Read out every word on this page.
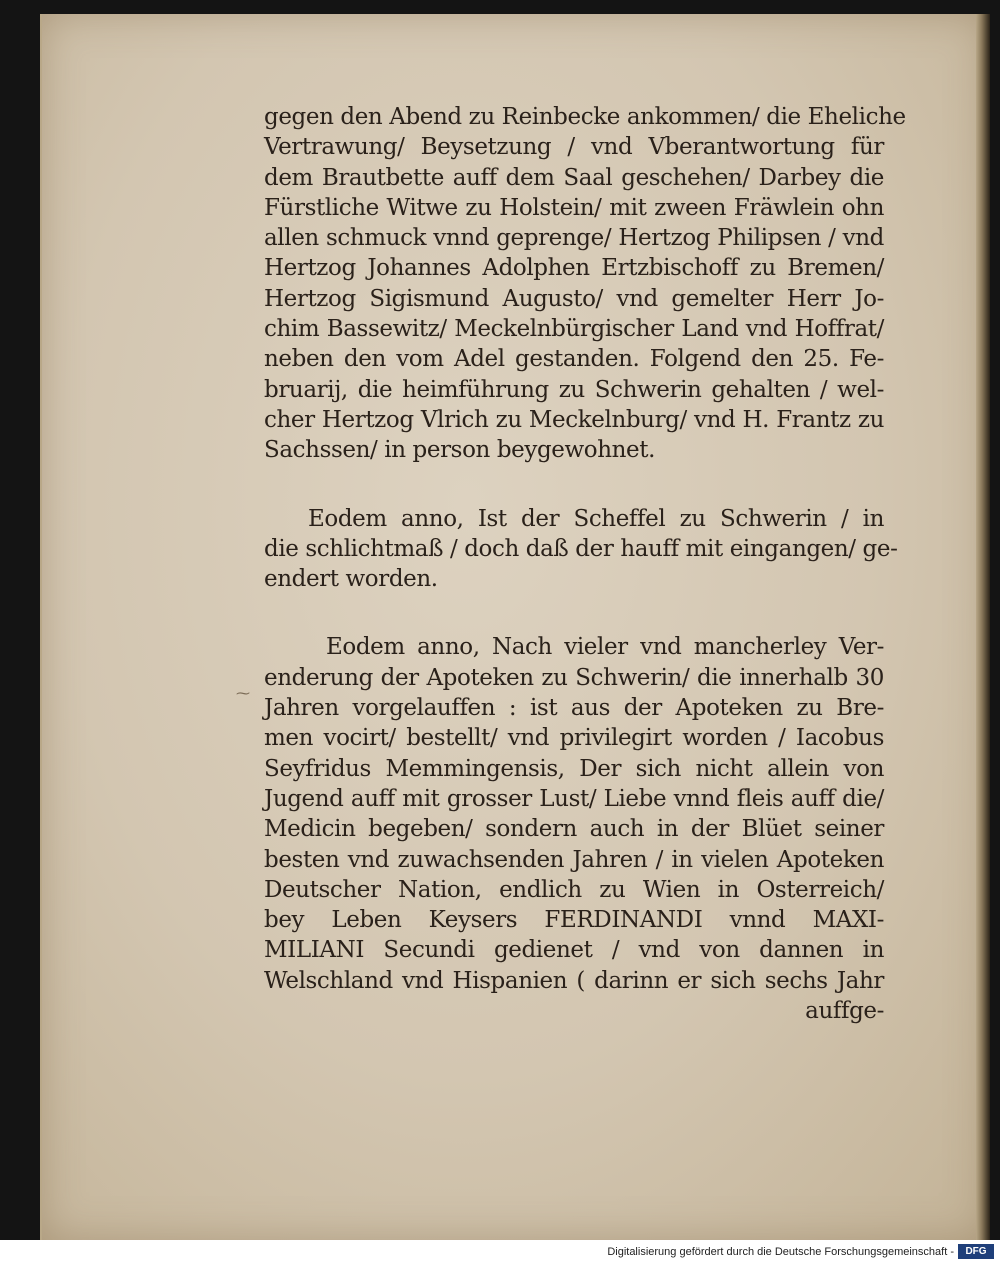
⁓
gegen den Abend zu Reinbecke ankommen/ die Eheliche
Vertrawung/ Beysetzung / vnd Vberantwortung für
dem Brautbette auff dem Saal geschehen/ Darbey die
Fürstliche Witwe zu Holstein/ mit zween Fräwlein ohn
allen schmuck vnnd geprenge/ Hertzog Philipsen / vnd
Hertzog Johannes Adolphen Ertzbischoff zu Bremen/
Hertzog Sigismund Augusto/ vnd gemelter Herr Jo-
chim Bassewitz/ Meckelnbürgischer Land vnd Hoffrat/
neben den vom Adel gestanden. Folgend den 25. Fe-
bruarij, die heimführung zu Schwerin gehalten / wel-
cher Hertzog Vlrich zu Meckelnburg/ vnd H. Frantz zu
Sachssen/ in person beygewohnet.
Eodem anno, Ist der Scheffel zu Schwerin / in
die schlichtmaß / doch daß der hauff mit eingangen/ ge-
endert worden.
Eodem anno, Nach vieler vnd mancherley Ver-
enderung der Apoteken zu Schwerin/ die innerhalb 30
Jahren vorgelauffen : ist aus der Apoteken zu Bre-
men vocirt/ bestellt/ vnd privilegirt worden / Iacobus
Seyfridus Memmingensis, Der sich nicht allein von
Jugend auff mit grosser Lust/ Liebe vnnd fleis auff die/
Medicin begeben/ sondern auch in der Blüet seiner
besten vnd zuwachsenden Jahren / in vielen Apoteken
Deutscher Nation, endlich zu Wien in Osterreich/
bey Leben Keysers FERDINANDI vnnd MAXI-
MILIANI Secundi gedienet / vnd von dannen in
Welschland vnd Hispanien ( darinn er sich sechs Jahr
auffge-
Digitalisierung gefördert durch die Deutsche Forschungsgemeinschaft -	DFG
